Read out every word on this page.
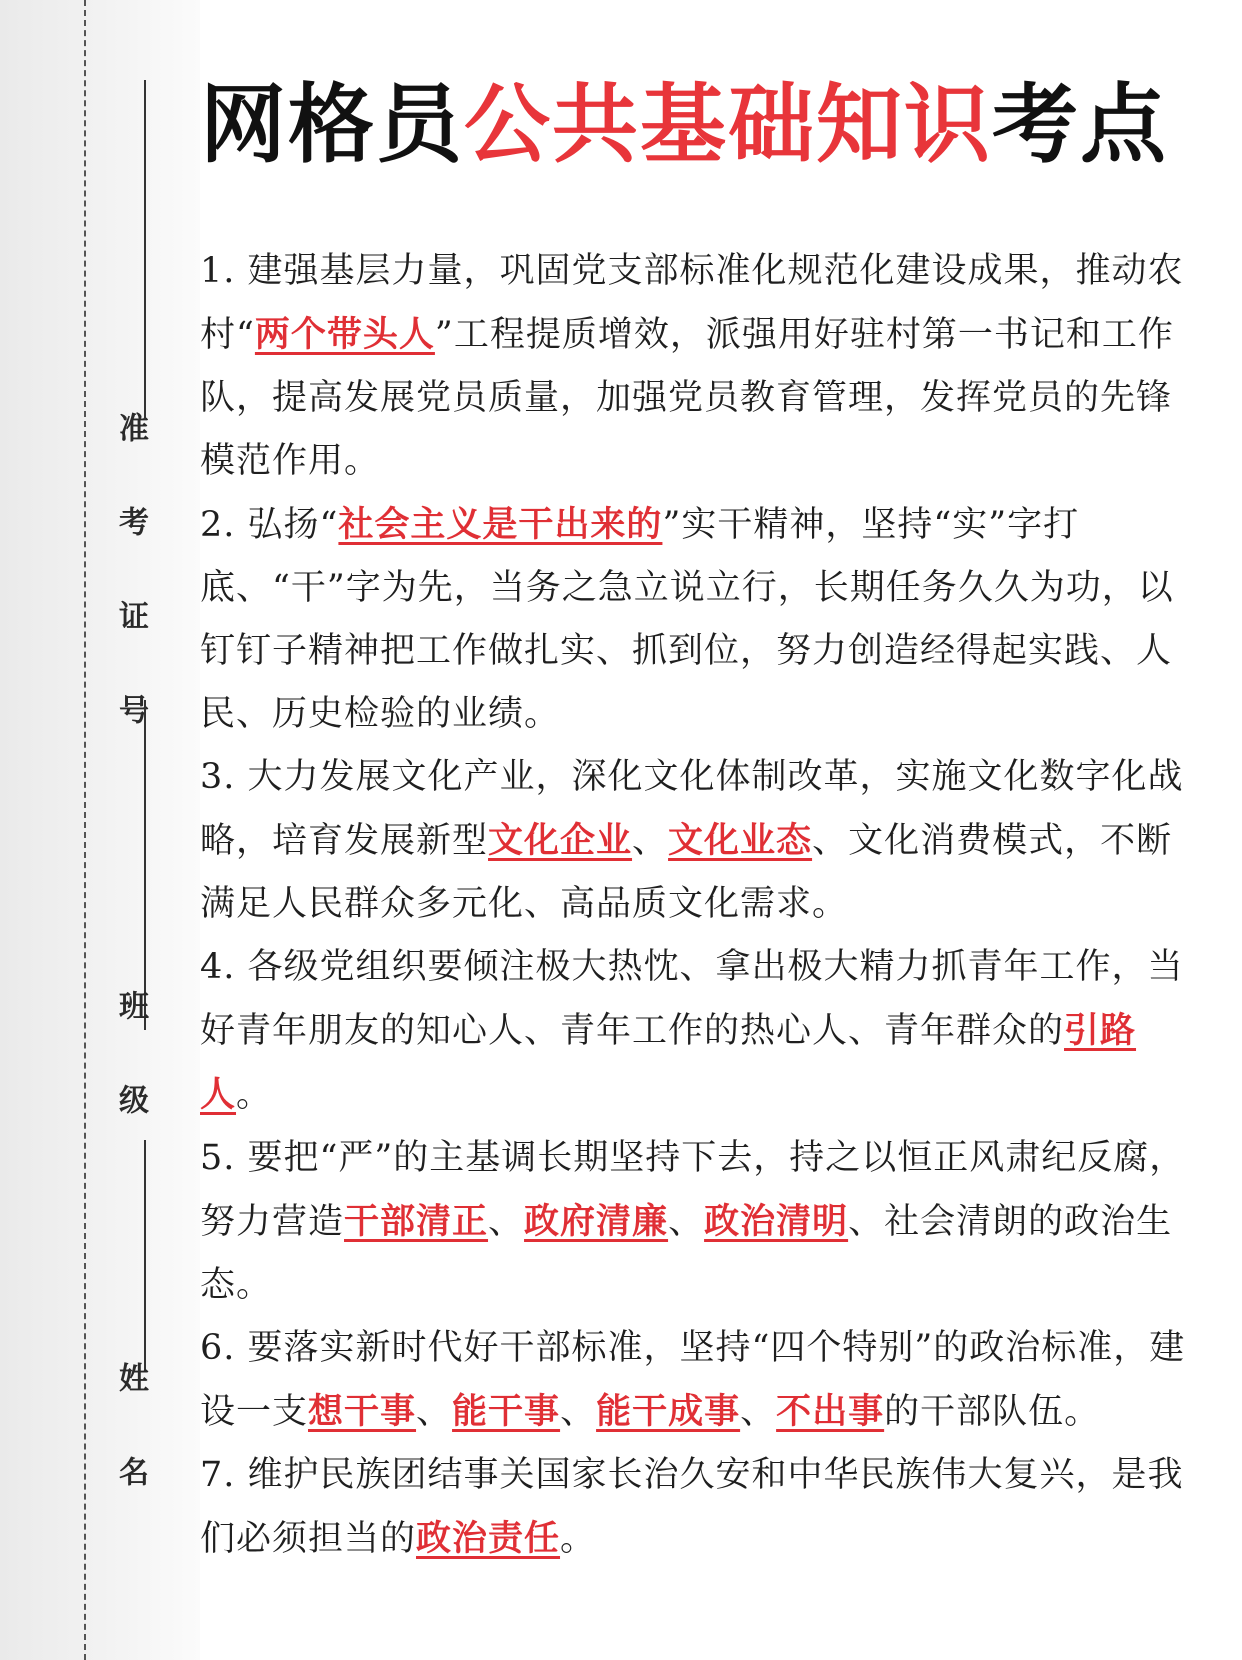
准考证号
班级
姓名
网格员公共基础知识考点

1. 建强基层力量，巩固党支部标准化规范化建设成果，推动农村“两个带头人”工程提质增效，派强用好驻村第一书记和工作队，提高发展党员质量，加强党员教育管理，发挥党员的先锋模范作用。

2. 弘扬“社会主义是干出来的”实干精神，坚持“实”字打底、“干”字为先，当务之急立说立行，长期任务久久为功，以钉钉子精神把工作做扎实、抓到位，努力创造经得起实践、人民、历史检验的业绩。

3. 大力发展文化产业，深化文化体制改革，实施文化数字化战略，培育发展新型文化企业、文化业态、文化消费模式，不断满足人民群众多元化、高品质文化需求。

4. 各级党组织要倾注极大热忱、拿出极大精力抓青年工作，当好青年朋友的知心人、青年工作的热心人、青年群众的引路人。

5. 要把“严”的主基调长期坚持下去，持之以恒正风肃纪反腐，努力营造干部清正、政府清廉、政治清明、社会清朗的政治生态。

6. 要落实新时代好干部标准，坚持“四个特别”的政治标准，建设一支想干事、能干事、能干成事、不出事的干部队伍。

7. 维护民族团结事关国家长治久安和中华民族伟大复兴，是我们必须担当的政治责任。
